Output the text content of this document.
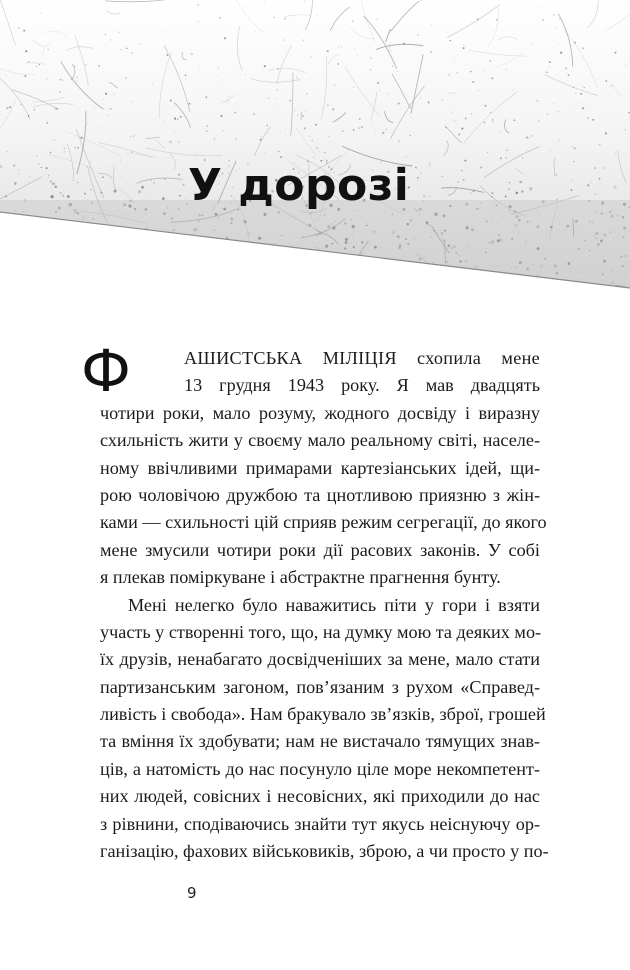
У дорозі
Ф	АШИСТСЬКА МІЛІЦІЯ схопила мене
13 грудня 1943 року. Я мав двадцять
чотири роки, мало розуму, жодного досвіду і виразну
схильність жити у своєму мало реальному світі, населе-
ному ввічливими примарами картезіанських ідей, щи-
рою чоловічою дружбою та цнотливою приязню з жін-
ками — схильності цій сприяв режим сегрегації, до якого
мене змусили чотири роки дії расових законів. У собі
я плекав поміркуване і абстрактне прагнення бунту.
Мені нелегко було наважитись піти у гори і взяти
участь у створенні того, що, на думку мою та деяких мо-
їх друзів, ненабагато досвідченіших за мене, мало стати
партизанським загоном, пов’язаним з рухом «Справед-
ливість і свобода». Нам бракувало зв’язків, зброї, грошей
та вміння їх здобувати; нам не вистачало тямущих знав-
ців, а натомість до нас посунуло ціле море некомпетент-
них людей, совісних і несовісних, які приходили до нас
з рівнини, сподіваючись знайти тут якусь неіснуючу ор-
ганізацію, фахових військовиків, зброю, а чи просто у по-
9
